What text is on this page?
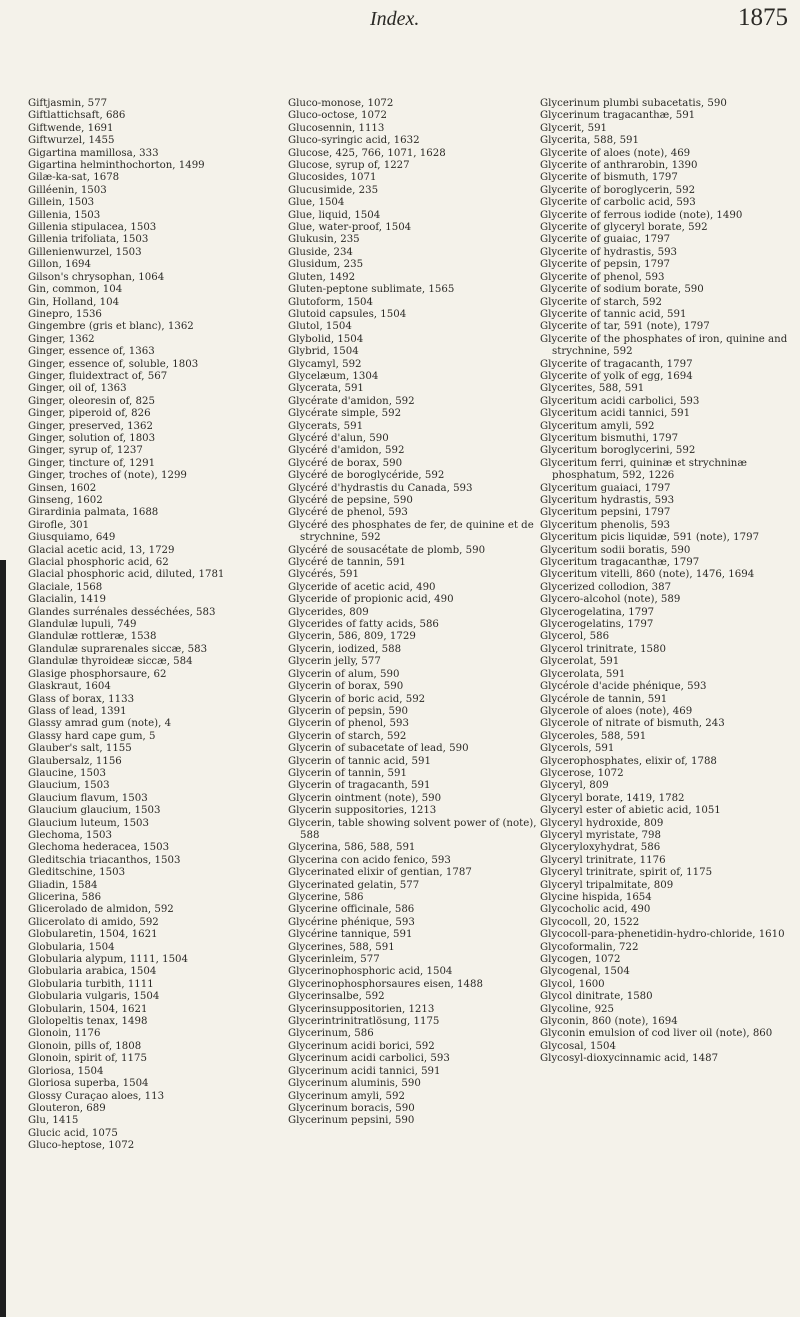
Index.	1875
Giftjasmin, 577
Giftlattichsaft, 686
Giftwende, 1691
Giftwurzel, 1455
Gigartina mamillosa, 333
Gigartina helminthochorton, 1499
Gilæ-ka-sat, 1678
Gilléenin, 1503
Gillein, 1503
Gillenia, 1503
Gillenia stipulacea, 1503
Gillenia trifoliata, 1503
Gillenienwurzel, 1503
Gillon, 1694
Gilson's chrysophan, 1064
Gin, common, 104
Gin, Holland, 104
Ginepro, 1536
Gingembre (gris et blanc), 1362
Ginger, 1362
Ginger, essence of, 1363
Ginger, essence of, soluble, 1803
Ginger, fluidextract of, 567
Ginger, oil of, 1363
Ginger, oleoresin of, 825
Ginger, piperoid of, 826
Ginger, preserved, 1362
Ginger, solution of, 1803
Ginger, syrup of, 1237
Ginger, tincture of, 1291
Ginger, troches of (note), 1299
Ginsen, 1602
Ginseng, 1602
Girardinia palmata, 1688
Girofle, 301
Giusquiamo, 649
Glacial acetic acid, 13, 1729
Glacial phosphoric acid, 62
Glacial phosphoric acid, diluted, 1781
Glaciale, 1568
Glacialin, 1419
Glandes surrénales desséchées, 583
Glandulæ lupuli, 749
Glandulæ rottleræ, 1538
Glandulæ suprarenales siccæ, 583
Glandulæ thyroideæ siccæ, 584
Glasige phosphorsaure, 62
Glaskraut, 1604
Glass of borax, 1133
Glass of lead, 1391
Glassy amrad gum (note), 4
Glassy hard cape gum, 5
Glauber's salt, 1155
Glaubersalz, 1156
Glaucine, 1503
Glaucium, 1503
Glaucium flavum, 1503
Glaucium glaucium, 1503
Glaucium luteum, 1503
Glechoma, 1503
Glechoma hederacea, 1503
Gleditschia triacanthos, 1503
Gleditschine, 1503
Gliadin, 1584
Glicerina, 586
Glicerolado de almidon, 592
Glicerolato di amido, 592
Globularetin, 1504, 1621
Globularia, 1504
Globularia alypum, 1111, 1504
Globularia arabica, 1504
Globularia turbith, 1111
Globularia vulgaris, 1504
Globularin, 1504, 1621
Glolopeltis tenax, 1498
Glonoin, 1176
Glonoin, pills of, 1808
Glonoin, spirit of, 1175
Gloriosa, 1504
Gloriosa superba, 1504
Glossy Curaçao aloes, 113
Glouteron, 689
Glu, 1415
Glucic acid, 1075
Gluco-heptose, 1072
Gluco-monose, 1072
Gluco-octose, 1072
Glucosennin, 1113
Gluco-syringic acid, 1632
Glucose, 425, 766, 1071, 1628
Glucose, syrup of, 1227
Glucosides, 1071
Glucusimide, 235
Glue, 1504
Glue, liquid, 1504
Glue, water-proof, 1504
Glukusin, 235
Gluside, 234
Glusidum, 235
Gluten, 1492
Gluten-peptone sublimate, 1565
Glutoform, 1504
Glutoid capsules, 1504
Glutol, 1504
Glybolid, 1504
Glybrid, 1504
Glycamyl, 592
Glycelæum, 1304
Glycerata, 591
Glycérate d'amidon, 592
Glycérate simple, 592
Glycerats, 591
Glycéré d'alun, 590
Glycéré d'amidon, 592
Glycéré de borax, 590
Glycéré de boroglycéride, 592
Glycéré d'hydrastis du Canada, 593
Glycéré de pepsine, 590
Glycéré de phenol, 593
Glycéré des phosphates de fer, de quinine et de strychnine, 592
Glycéré de sousacétate de plomb, 590
Glycéré de tannin, 591
Glycérés, 591
Glyceride of acetic acid, 490
Glyceride of propionic acid, 490
Glycerides, 809
Glycerides of fatty acids, 586
Glycerin, 586, 809, 1729
Glycerin, iodized, 588
Glycerin jelly, 577
Glycerin of alum, 590
Glycerin of borax, 590
Glycerin of boric acid, 592
Glycerin of pepsin, 590
Glycerin of phenol, 593
Glycerin of starch, 592
Glycerin of subacetate of lead, 590
Glycerin of tannic acid, 591
Glycerin of tannin, 591
Glycerin of tragacanth, 591
Glycerin ointment (note), 590
Glycerin suppositories, 1213
Glycerin, table showing solvent power of (note), 588
Glycerina, 586, 588, 591
Glycerina con acido fenico, 593
Glycerinated elixir of gentian, 1787
Glycerinated gelatin, 577
Glycerine, 586
Glycerine officinale, 586
Glycérine phénique, 593
Glycérine tannique, 591
Glycerines, 588, 591
Glycerinleim, 577
Glycerinophosphoric acid, 1504
Glycerinophosphorsaures eisen, 1488
Glycerinsalbe, 592
Glycerinsuppositorien, 1213
Glycerintrinitratlösung, 1175
Glycerinum, 586
Glycerinum acidi borici, 592
Glycerinum acidi carbolici, 593
Glycerinum acidi tannici, 591
Glycerinum aluminis, 590
Glycerinum amyli, 592
Glycerinum boracis, 590
Glycerinum pepsini, 590
Glycerinum plumbi subacetatis, 590
Glycerinum tragacanthæ, 591
Glycerit, 591
Glycerita, 588, 591
Glycerite of aloes (note), 469
Glycerite of anthrarobin, 1390
Glycerite of bismuth, 1797
Glycerite of boroglycerin, 592
Glycerite of carbolic acid, 593
Glycerite of ferrous iodide (note), 1490
Glycerite of glyceryl borate, 592
Glycerite of guaiac, 1797
Glycerite of hydrastis, 593
Glycerite of pepsin, 1797
Glycerite of phenol, 593
Glycerite of sodium borate, 590
Glycerite of starch, 592
Glycerite of tannic acid, 591
Glycerite of tar, 591 (note), 1797
Glycerite of the phosphates of iron, quinine and strychnine, 592
Glycerite of tragacanth, 1797
Glycerite of yolk of egg, 1694
Glycerites, 588, 591
Glyceritum acidi carbolici, 593
Glyceritum acidi tannici, 591
Glyceritum amyli, 592
Glyceritum bismuthi, 1797
Glyceritum boroglycerini, 592
Glyceritum ferri, quininæ et strychninæ phosphatum, 592, 1226
Glyceritum guaiaci, 1797
Glyceritum hydrastis, 593
Glyceritum pepsini, 1797
Glyceritum phenolis, 593
Glyceritum picis liquidæ, 591 (note), 1797
Glyceritum sodii boratis, 590
Glyceritum tragacanthæ, 1797
Glyceritum vitelli, 860 (note), 1476, 1694
Glycerized collodion, 387
Glycero-alcohol (note), 589
Glycerogelatina, 1797
Glycerogelatins, 1797
Glycerol, 586
Glycerol trinitrate, 1580
Glycerolat, 591
Glycerolata, 591
Glycérole d'acide phénique, 593
Glycérole de tannin, 591
Glycerole of aloes (note), 469
Glycerole of nitrate of bismuth, 243
Glyceroles, 588, 591
Glycerols, 591
Glycerophosphates, elixir of, 1788
Glycerose, 1072
Glyceryl, 809
Glyceryl borate, 1419, 1782
Glyceryl ester of abietic acid, 1051
Glyceryl hydroxide, 809
Glyceryl myristate, 798
Glyceryloxyhydrat, 586
Glyceryl trinitrate, 1176
Glyceryl trinitrate, spirit of, 1175
Glyceryl tripalmitate, 809
Glycine hispida, 1654
Glycocholic acid, 490
Glycocoll, 20, 1522
Glycocoll-para-phenetidin-hydro-chloride, 1610
Glycoformalin, 722
Glycogen, 1072
Glycogenal, 1504
Glycol, 1600
Glycol dinitrate, 1580
Glycoline, 925
Glyconin, 860 (note), 1694
Glyconin emulsion of cod liver oil (note), 860
Glycosal, 1504
Glycosyl-dioxycinnamic acid, 1487
